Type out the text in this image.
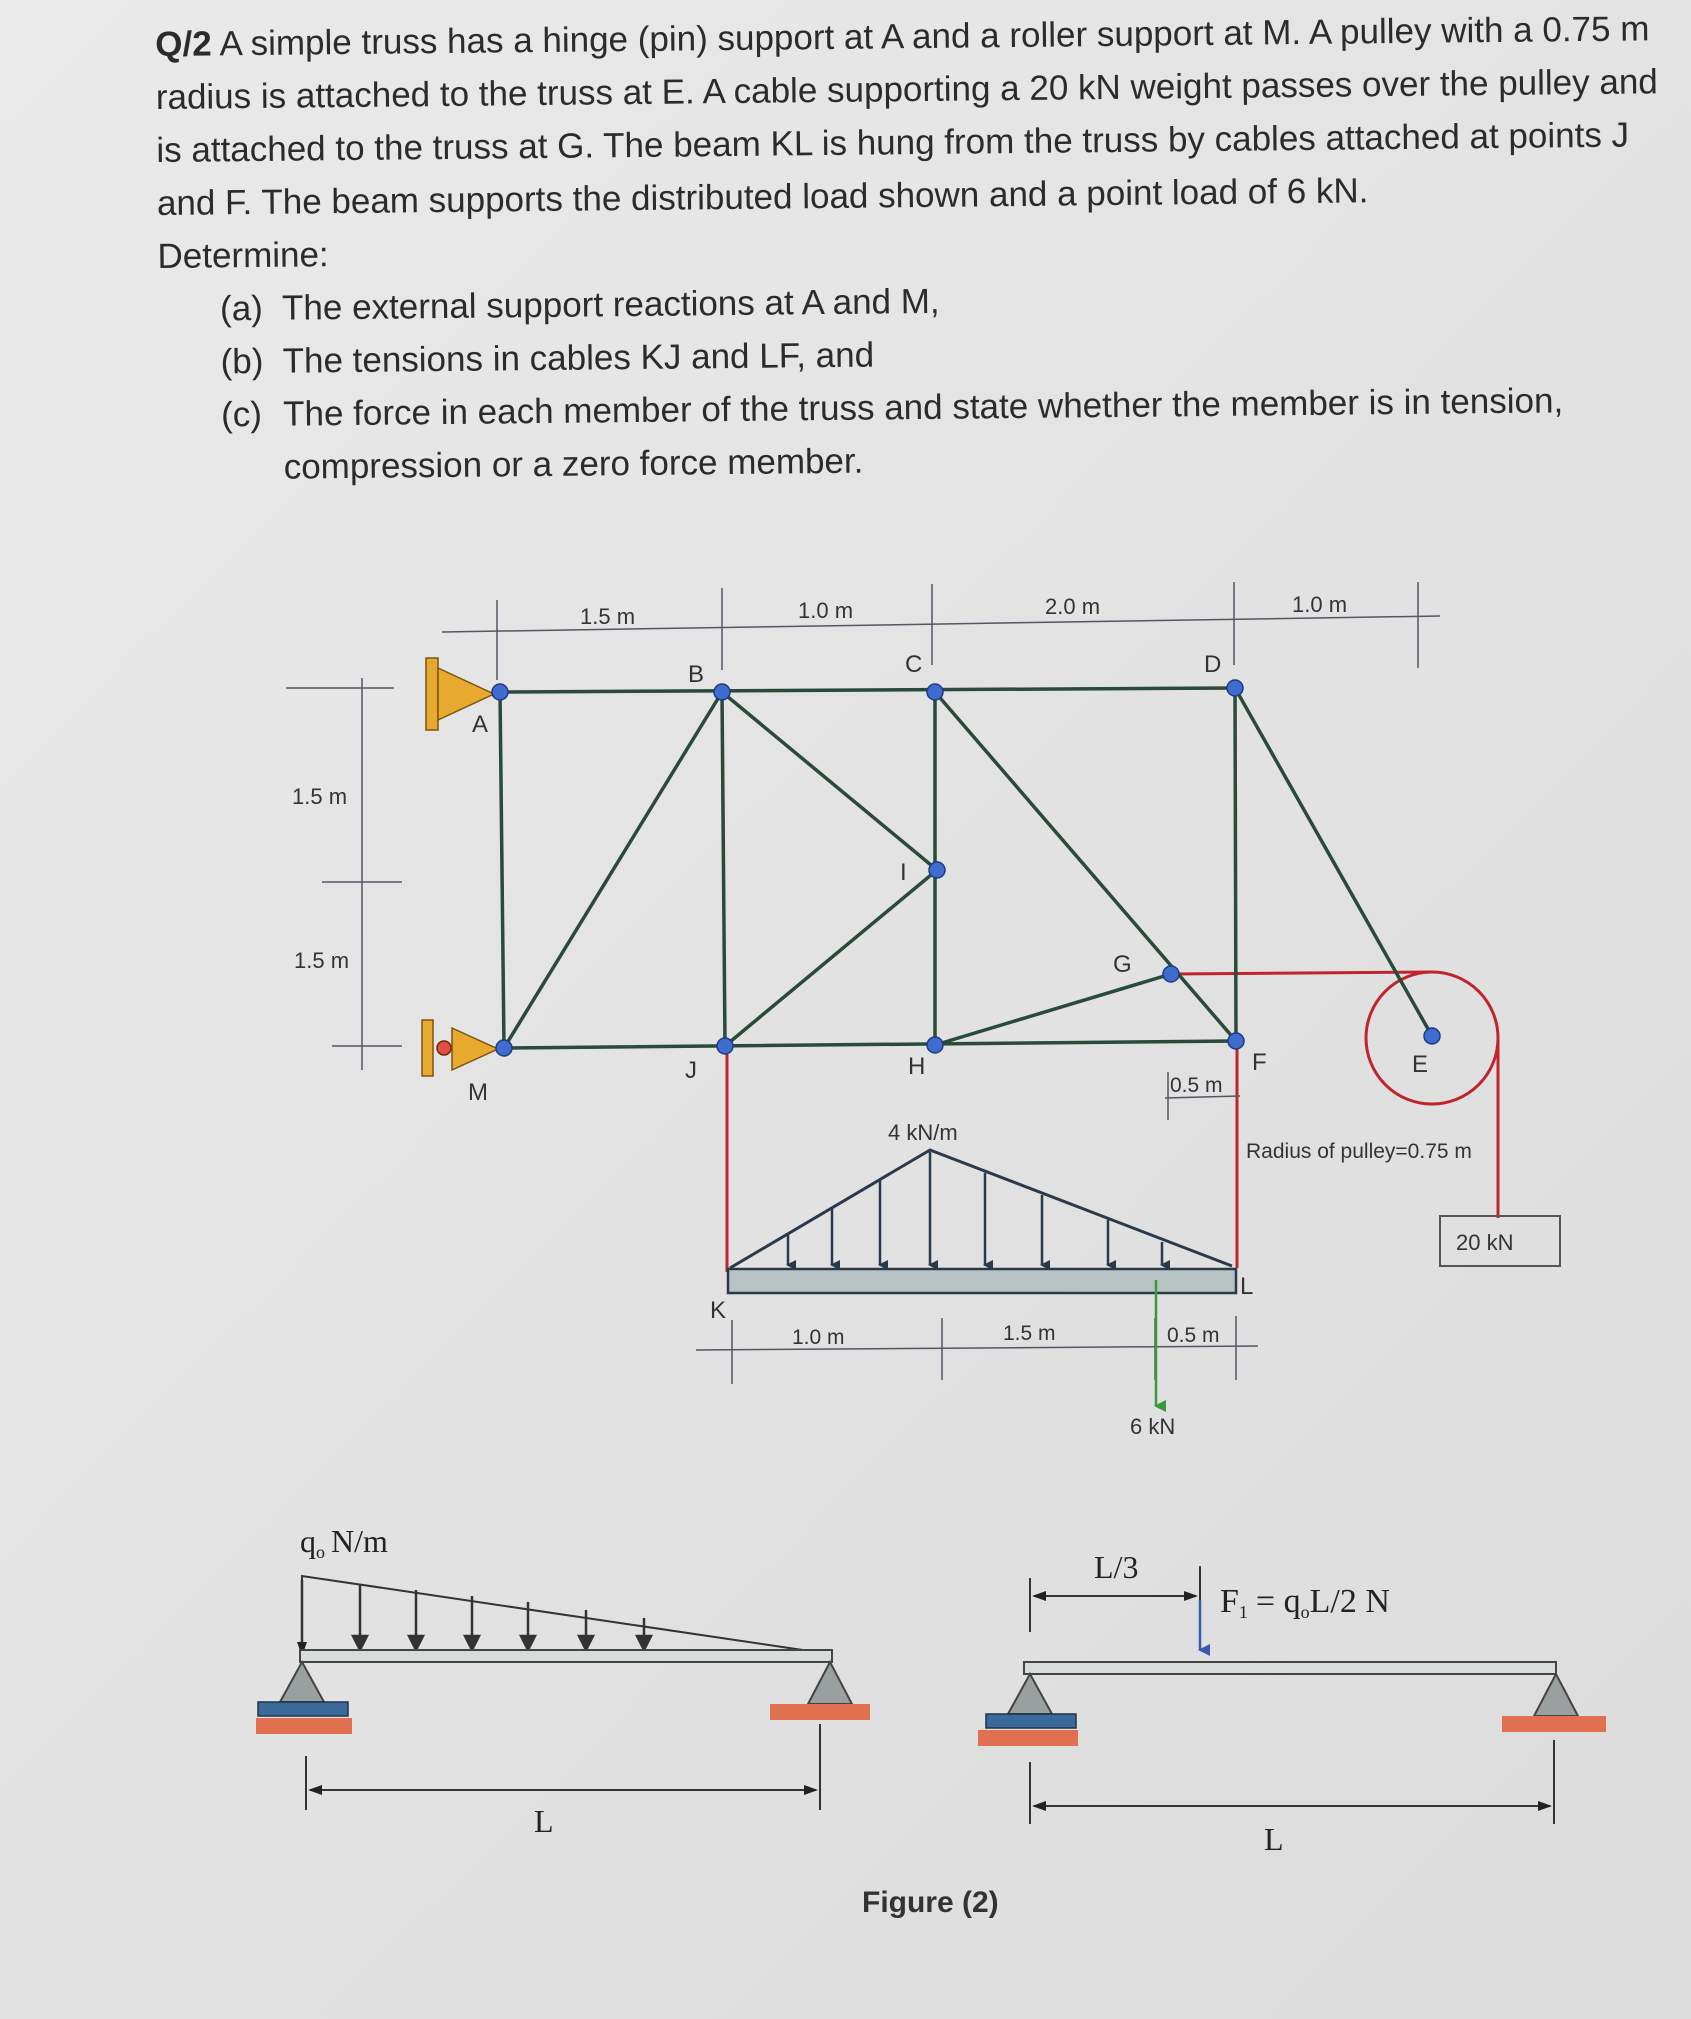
Q/2 A simple truss has a hinge (pin) support at A and a roller support at M. A pulley with a 0.75 m radius is attached to the truss at E. A cable supporting a 20 kN weight passes over the pulley and is attached to the truss at G. The beam KL is hung from the truss by cables attached at points J and F. The beam supports the distributed load shown and a point load of 6 kN.

Determine:

(a) The external support reactions at A and M,
(b) The tensions in cables KJ and LF, and
(c) The force in each member of the truss and state whether the member is in tension, compression or a zero force member.
1.5 m	1.0 m	2.0 m	1.0 m
1.5 m
1.5 m
A
B	C	D
I
G
M
J	H	F	E
K
L
0.5 m
4 kN/m
1.0 m	1.5 m	0.5 m
6 kN
Radius of pulley=0.75 m
20 kN
qo N/m
L
L/3
F1 = qoL/2 N
L
Figure (2)
